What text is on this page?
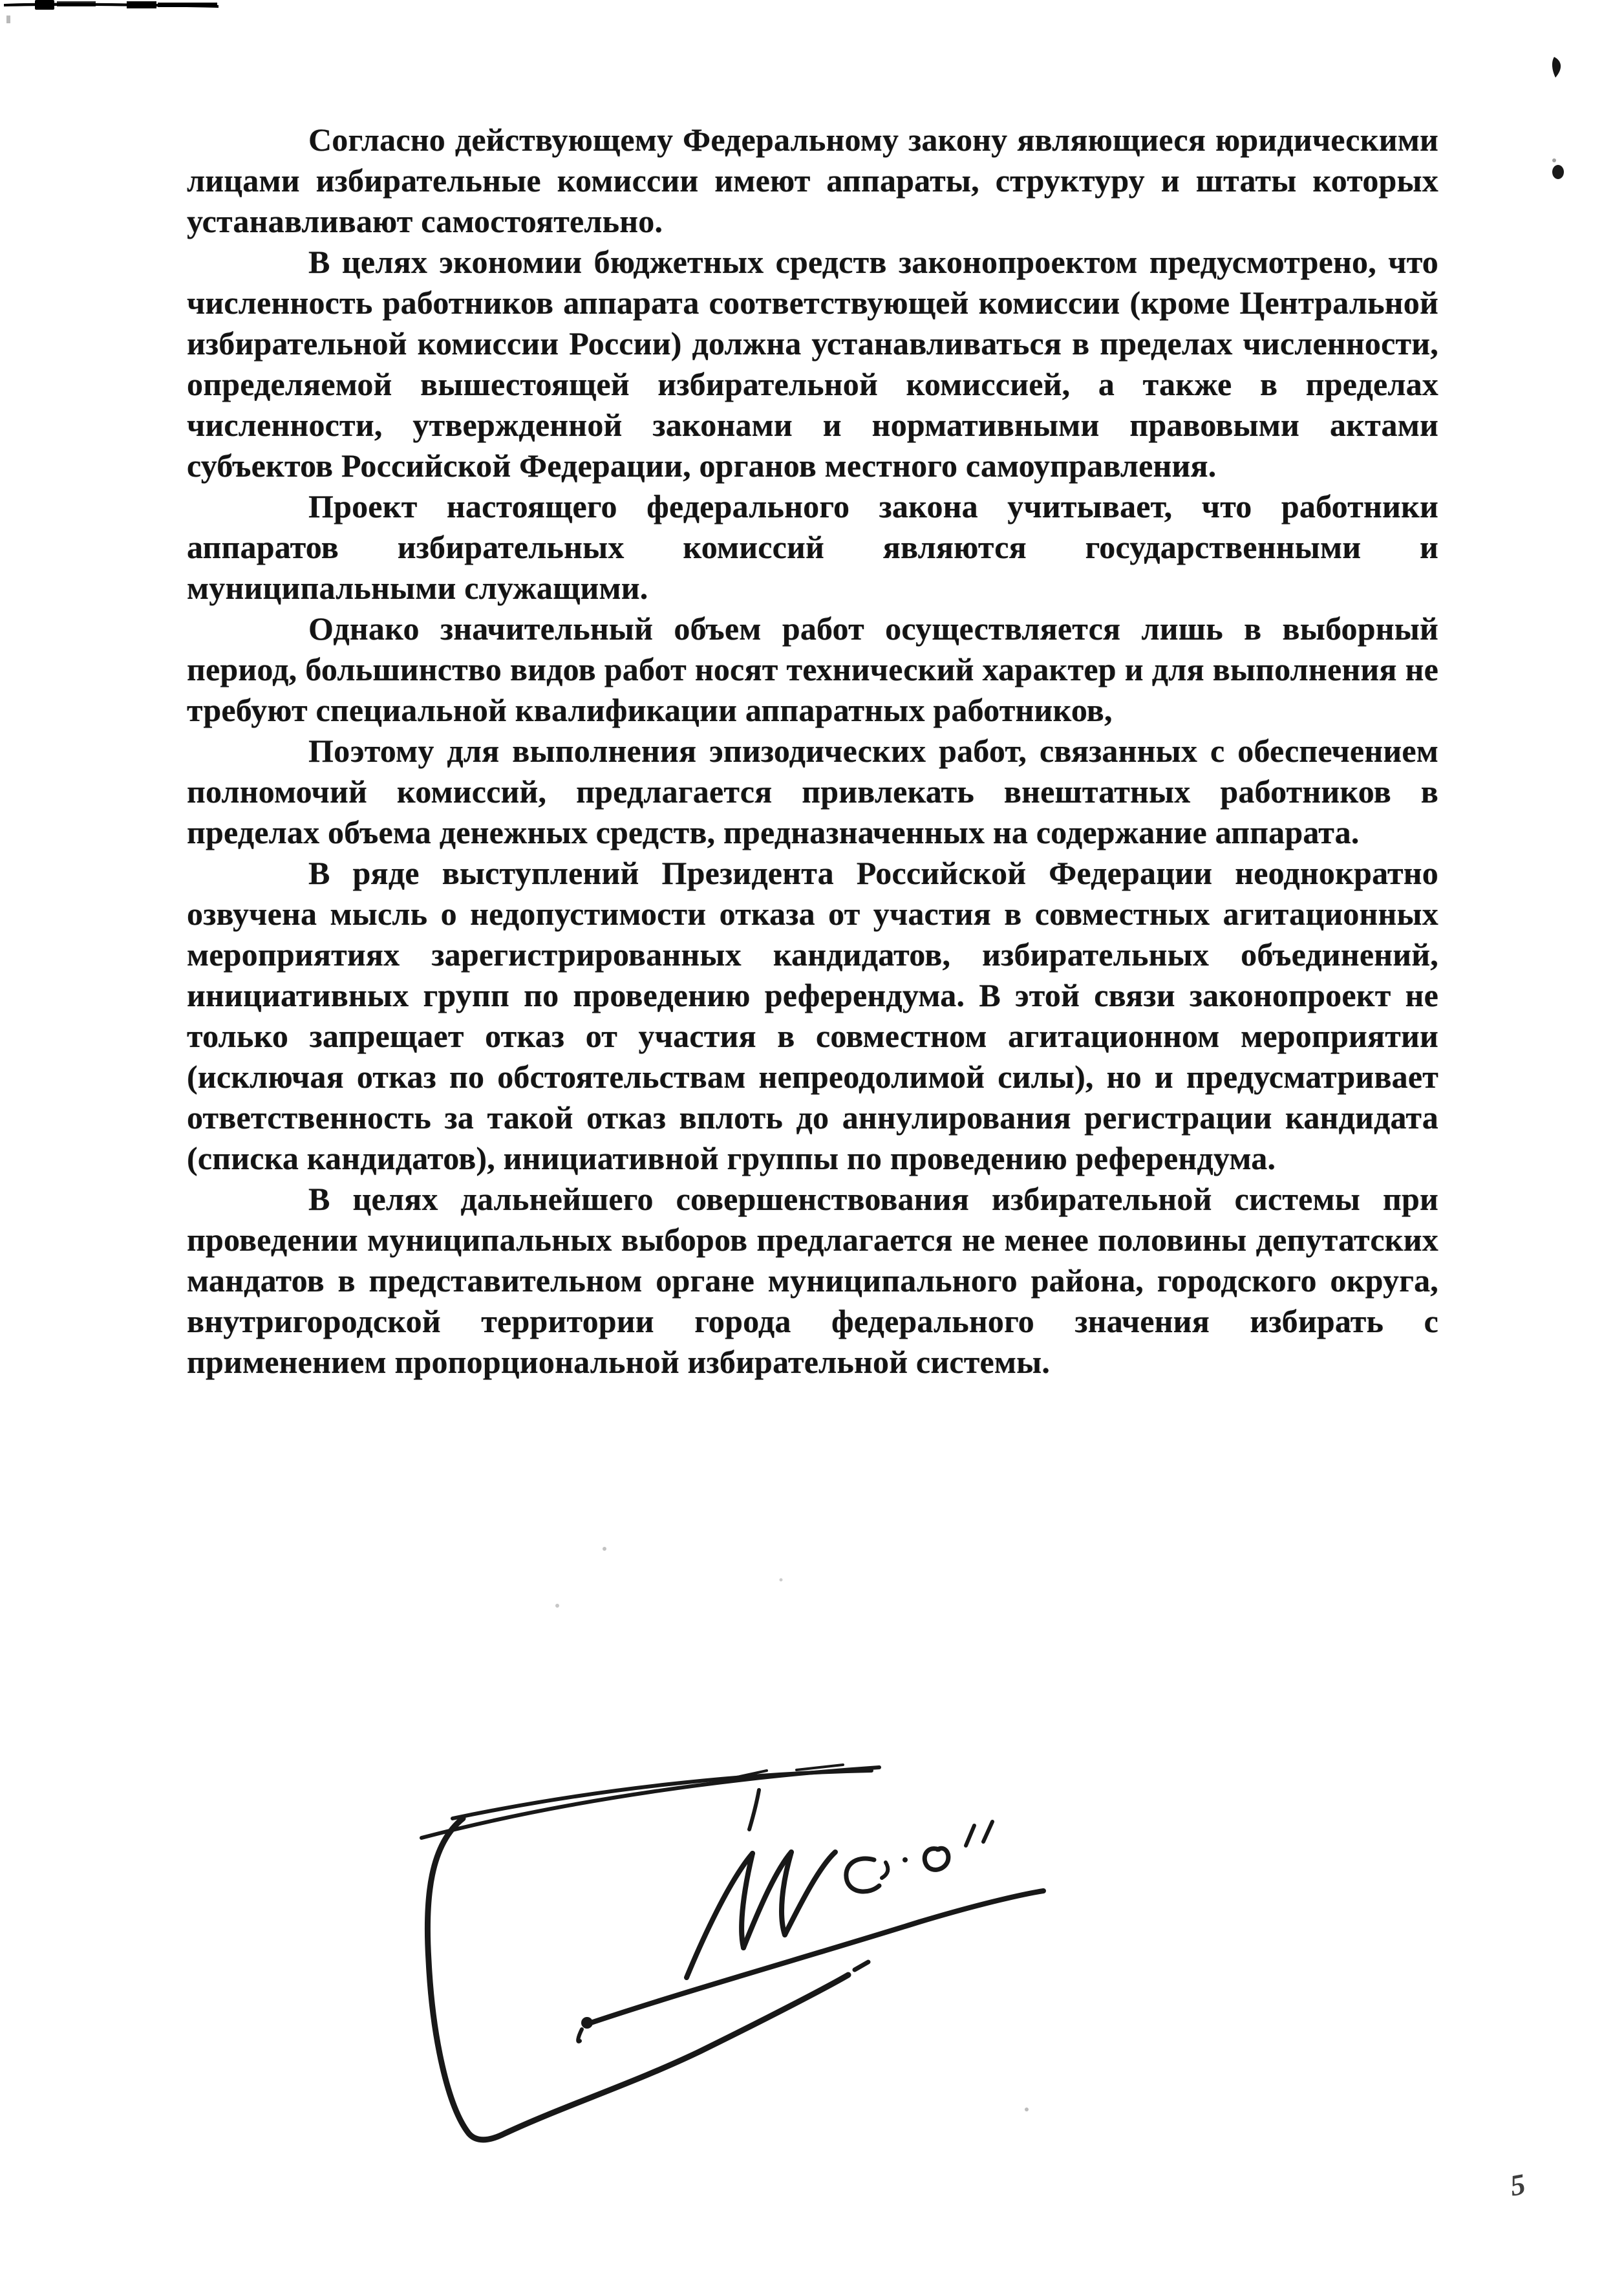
Согласно действующему Федеральному закону являющиеся юридическими лицами избирательные комиссии имеют аппараты, структуру и штаты которых устанавливают самостоятельно.

В целях экономии бюджетных средств законопроектом предусмотрено, что численность работников аппарата соответствующей комиссии (кроме Центральной избирательной комиссии России) должна устанавливаться в пределах численности, определяемой вышестоящей избирательной комиссией, а также в пределах численности, утвержденной законами и нормативными правовыми актами субъектов Российской Федерации, органов местного самоуправления.

Проект настоящего федерального закона учитывает, что работники аппаратов избирательных комиссий являются государственными и муниципальными служащими.

Однако значительный объем работ осуществляется лишь в выборный период, большинство видов работ носят технический характер и для выполнения не требуют специальной квалификации аппаратных работников,

Поэтому для выполнения эпизодических работ, связанных с обеспечением полномочий комиссий, предлагается привлекать внештатных работников в пределах объема денежных средств, предназначенных на содержание аппарата.

В ряде выступлений Президента Российской Федерации неоднократно озвучена мысль о недопустимости отказа от участия в совместных агитационных мероприятиях зарегистрированных кандидатов, избирательных объединений, инициативных групп по проведению референдума. В этой связи законопроект не только запрещает отказ от участия в совместном агитационном мероприятии (исключая отказ по обстоятельствам непреодолимой силы), но и предусматривает ответственность за такой отказ вплоть до аннулирования регистрации кандидата (списка кандидатов), инициативной группы по проведению референдума.

В целях дальнейшего совершенствования избирательной системы при проведении муниципальных выборов предлагается не менее половины депутатских мандатов в представительном органе муниципального района, городского округа, внутригородской территории города федерального значения избирать с применением пропорциональной избирательной системы.

5
